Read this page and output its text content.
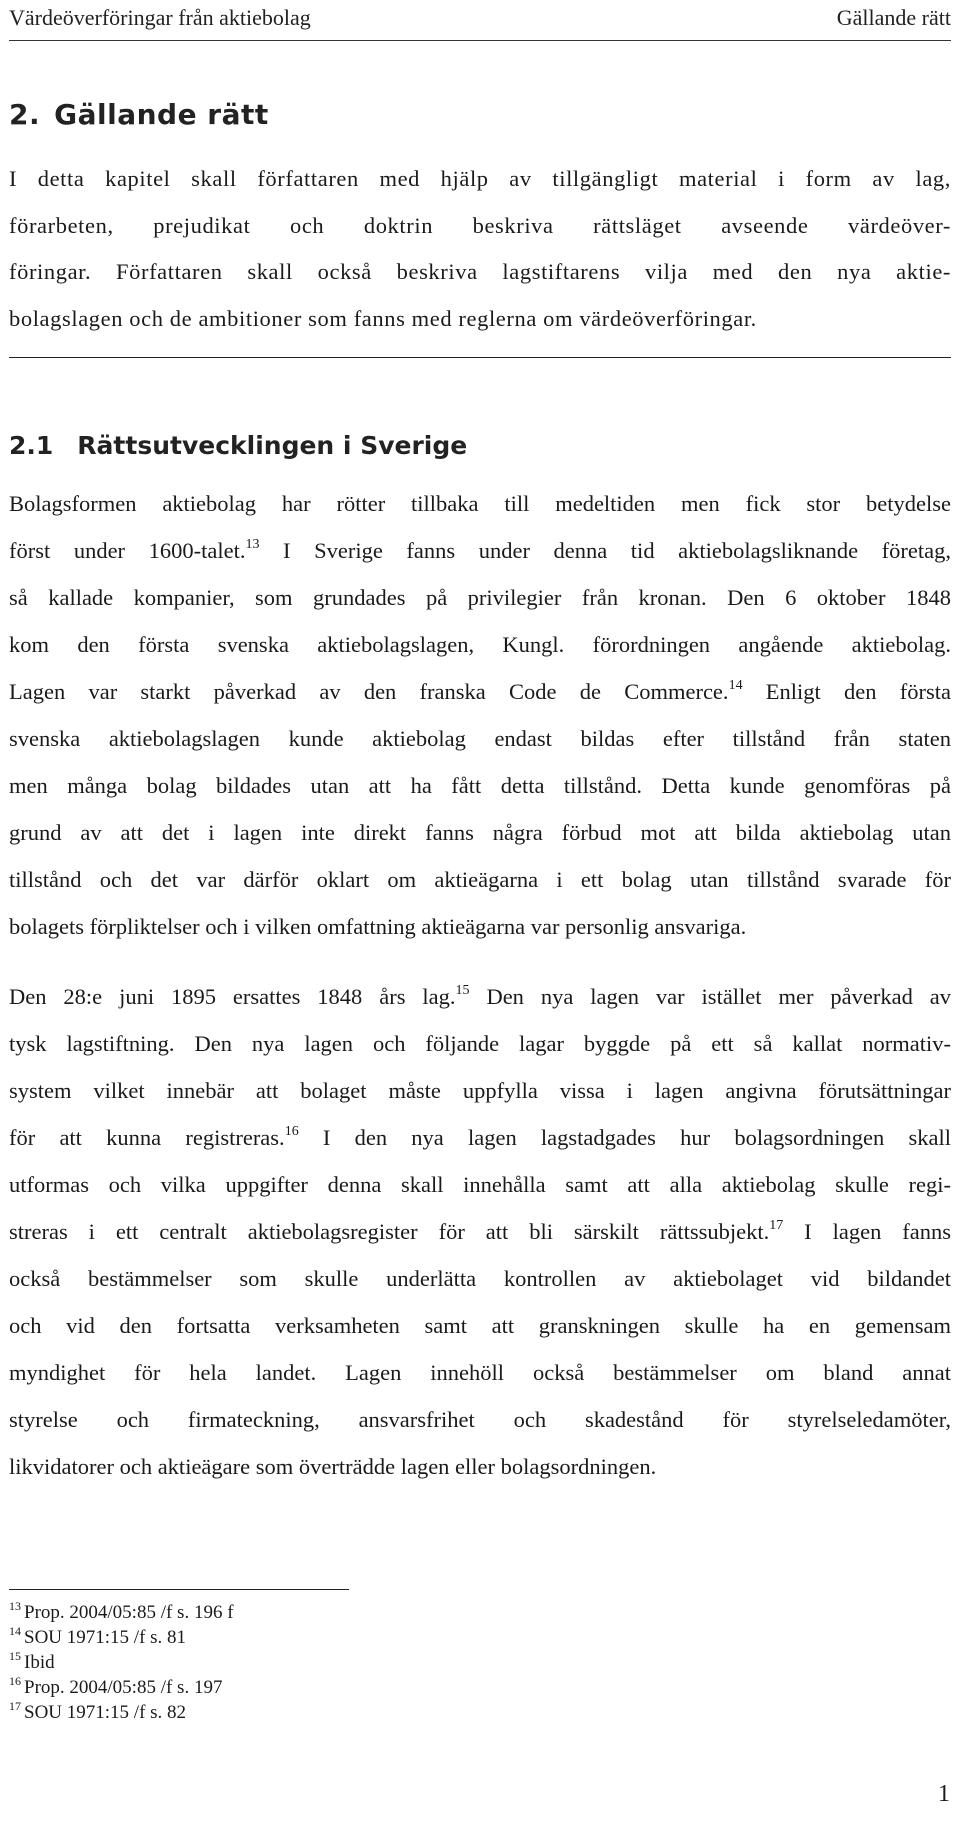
Värdeöverföringar från aktiebolag	Gällande rätt
2. Gällande rätt

I detta kapitel skall författaren med hjälp av tillgängligt material i form av lag,
förarbeten, prejudikat och doktrin beskriva rättsläget avseende värdeöver-
föringar. Författaren skall också beskriva lagstiftarens vilja med den nya aktie-
bolagslagen och de ambitioner som fanns med reglerna om värdeöverföringar.

2.1 Rättsutvecklingen i Sverige

Bolagsformen aktiebolag har rötter tillbaka till medeltiden men fick stor betydelse
först under 1600-talet.$^{13}$ I Sverige fanns under denna tid aktiebolagsliknande företag,
så kallade kompanier, som grundades på privilegier från kronan. Den 6 oktober 1848
kom den första svenska aktiebolagslagen, Kungl. förordningen angående aktiebolag.
Lagen var starkt påverkad av den franska Code de Commerce.$^{14}$ Enligt den första
svenska aktiebolagslagen kunde aktiebolag endast bildas efter tillstånd från staten
men många bolag bildades utan att ha fått detta tillstånd. Detta kunde genomföras på
grund av att det i lagen inte direkt fanns några förbud mot att bilda aktiebolag utan
tillstånd och det var därför oklart om aktieägarna i ett bolag utan tillstånd svarade för
bolagets förpliktelser och i vilken omfattning aktieägarna var personlig ansvariga.

Den 28:e juni 1895 ersattes 1848 års lag.$^{15}$ Den nya lagen var istället mer påverkad av
tysk lagstiftning. Den nya lagen och följande lagar byggde på ett så kallat normativ-
system vilket innebär att bolaget måste uppfylla vissa i lagen angivna förutsättningar
för att kunna registreras.$^{16}$ I den nya lagen lagstadgades hur bolagsordningen skall
utformas och vilka uppgifter denna skall innehålla samt att alla aktiebolag skulle regi-
streras i ett centralt aktiebolagsregister för att bli särskilt rättssubjekt.$^{17}$ I lagen fanns
också bestämmelser som skulle underlätta kontrollen av aktiebolaget vid bildandet
och vid den fortsatta verksamheten samt att granskningen skulle ha en gemensam
myndighet för hela landet. Lagen innehöll också bestämmelser om bland annat
styrelse och firmateckning, ansvarsfrihet och skadestånd för styrelseledamöter,
likvidatorer och aktieägare som överträdde lagen eller bolagsordningen.

$^{13}$ Prop. 2004/05:85 /f s. 196 f
$^{14}$ SOU 1971:15 /f s. 81
$^{15}$ Ibid
$^{16}$ Prop. 2004/05:85 /f s. 197
$^{17}$ SOU 1971:15 /f s. 82
1
